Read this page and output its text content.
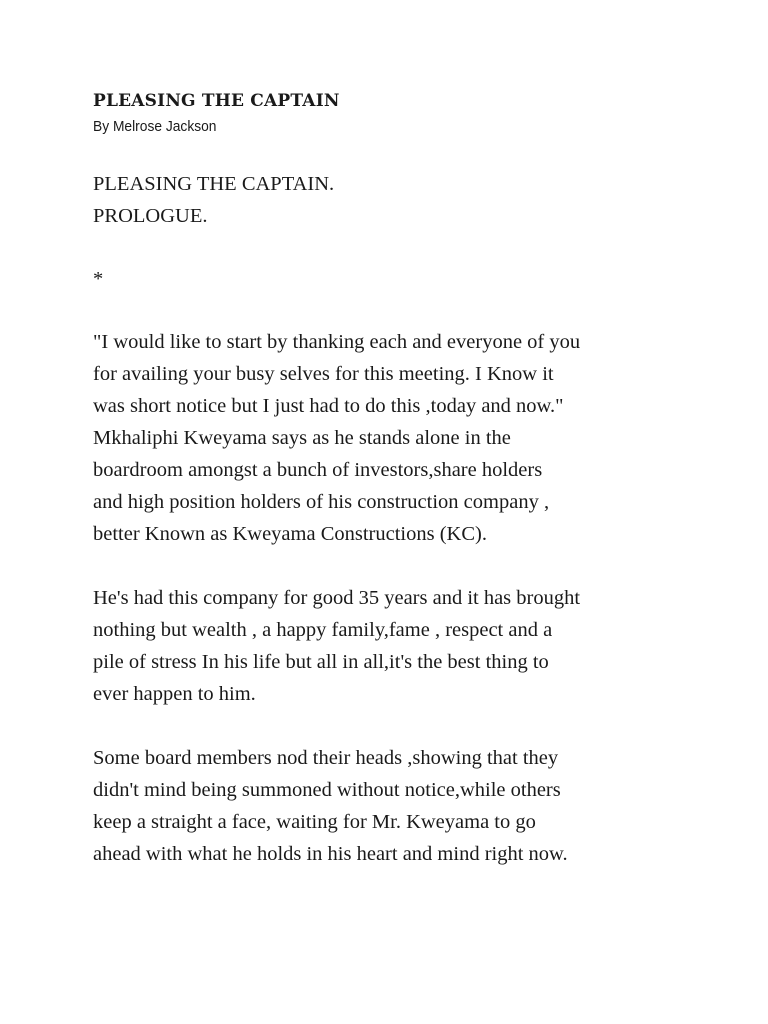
PLEASING THE CAPTAIN

By Melrose Jackson

PLEASING THE CAPTAIN.
PROLOGUE.

*

"I would like to start by thanking each and everyone of you
for availing your busy selves for this meeting. I Know it
was short notice but I just had to do this ,today and now."
Mkhaliphi Kweyama says as he stands alone in the
boardroom amongst a bunch of investors,share holders
and high position holders of his construction company ,
better Known as Kweyama Constructions (KC).

He's had this company for good 35 years and it has brought
nothing but wealth , a happy family,fame , respect and a
pile of stress In his life but all in all,it's the best thing to
ever happen to him.

Some board members nod their heads ,showing that they
didn't mind being summoned without notice,while others
keep a straight a face, waiting for Mr. Kweyama to go
ahead with what he holds in his heart and mind right now.
